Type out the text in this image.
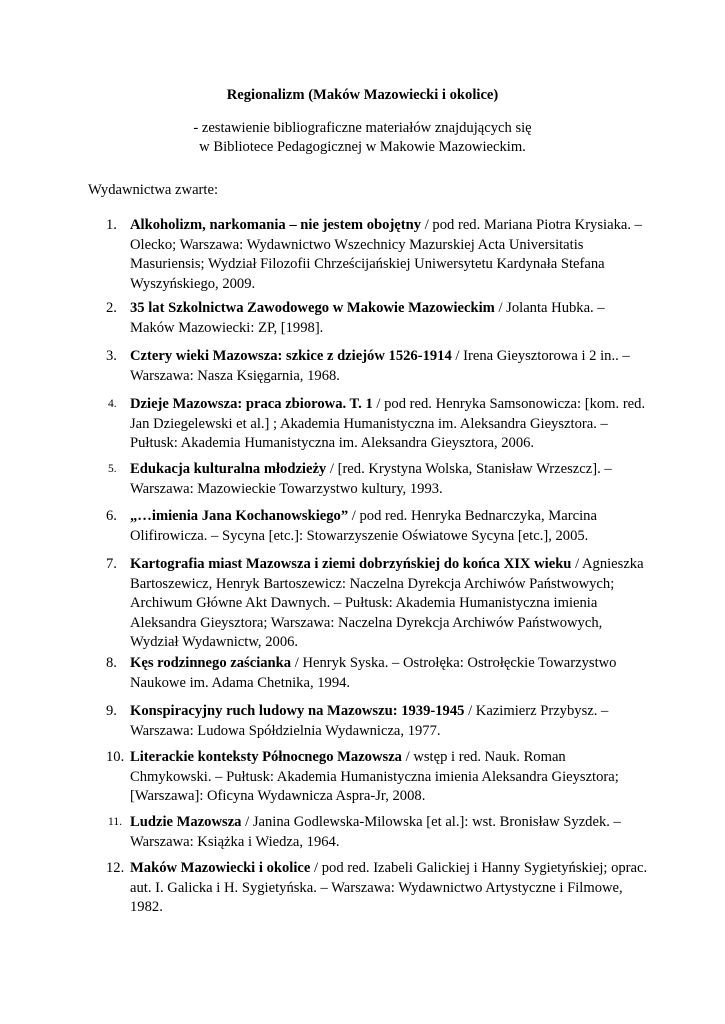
Regionalizm (Maków Mazowiecki i okolice)
- zestawienie bibliograficzne materiałów znajdujących się
w Bibliotece Pedagogicznej w Makowie Mazowieckim.
Wydawnictwa zwarte:
1. Alkoholizm, narkomania – nie jestem obojętny / pod red. Mariana Piotra Krysiaka. – Olecko; Warszawa: Wydawnictwo Wszechnicy Mazurskiej Acta Universitatis Masuriensis; Wydział Filozofii Chrześcijańskiej Uniwersytetu Kardynała Stefana Wyszyńskiego, 2009.
2. 35 lat Szkolnictwa Zawodowego w Makowie Mazowieckim / Jolanta Hubka. – Maków Mazowiecki: ZP, [1998].
3. Cztery wieki Mazowsza: szkice z dziejów 1526-1914 / Irena Gieysztorowa i 2 in.. – Warszawa: Nasza Księgarnia, 1968.
4. Dzieje Mazowsza: praca zbiorowa. T. 1 / pod red. Henryka Samsonowicza: [kom. red. Jan Dziegelewski et al.] ; Akademia Humanistyczna im. Aleksandra Gieysztora. – Pułtusk: Akademia Humanistyczna im. Aleksandra Gieysztora, 2006.
5. Edukacja kulturalna młodzieży / [red. Krystyna Wolska, Stanisław Wrzeszcz]. – Warszawa: Mazowieckie Towarzystwo kultury, 1993.
6. „…imienia Jana Kochanowskiego” / pod red. Henryka Bednarczyka, Marcina Olifirowicza. – Sycyna [etc.]: Stowarzyszenie Oświatowe Sycyna [etc.], 2005.
7. Kartografia miast Mazowsza i ziemi dobrzyńskiej do końca XIX wieku / Agnieszka Bartoszewicz, Henryk Bartoszewicz: Naczelna Dyrekcja Archiwów Państwowych; Archiwum Główne Akt Dawnych. – Pułtusk: Akademia Humanistyczna imienia Aleksandra Gieysztora; Warszawa: Naczelna Dyrekcja Archiwów Państwowych, Wydział Wydawnictw, 2006.
8. Kęs rodzinnego zaścianka / Henryk Syska. – Ostrołęka: Ostrołęckie Towarzystwo Naukowe im. Adama Chetnika, 1994.
9. Konspiracyjny ruch ludowy na Mazowszu: 1939-1945 / Kazimierz Przybysz. – Warszawa: Ludowa Spółdzielnia Wydawnicza, 1977.
10. Literackie konteksty Północnego Mazowsza / wstęp i red. Nauk. Roman Chmykowski. – Pułtusk: Akademia Humanistyczna imienia Aleksandra Gieysztora; [Warszawa]: Oficyna Wydawnicza Aspra-Jr, 2008.
11. Ludzie Mazowsza / Janina Godlewska-Milowska [et al.]: wst. Bronisław Syzdek. – Warszawa: Książka i Wiedza, 1964.
12. Maków Mazowiecki i okolice / pod red. Izabeli Galickiej i Hanny Sygietyńskiej; oprac. aut. I. Galicka i H. Sygietyńska. – Warszawa: Wydawnictwo Artystyczne i Filmowe, 1982.
